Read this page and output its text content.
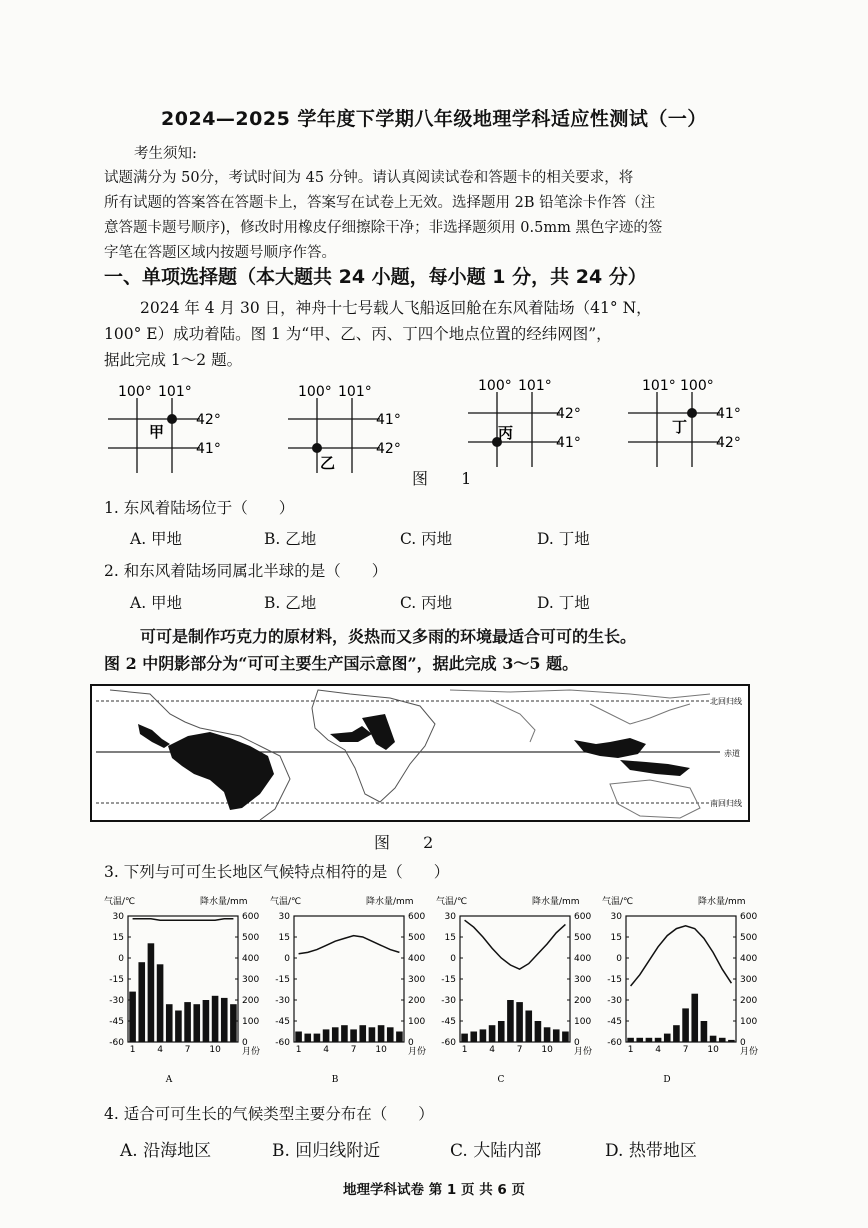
2024—2025 学年度下学期八年级地理学科适应性测试（一）
考生须知:
试题满分为 50分，考试时间为 45 分钟。请认真阅读试卷和答题卡的相关要求，将
所有试题的答案答在答题卡上，答案写在试卷上无效。选择题用 2B 铅笔涂卡作答（注
意答题卡题号顺序)，修改时用橡皮仔细擦除干净；非选择题须用 0.5mm 黑色字迹的签
字笔在答题区域内按题号顺序作答。
一、单项选择题（本大题共 24 小题，每小题 1 分，共 24 分）
2024 年 4 月 30 日，神舟十七号载人飞船返回舱在东风着陆场（41° N，
100° E）成功着陆。图 1 为“甲、乙、丙、丁四个地点位置的经纬网图”，
据此完成 1～2 题。
100° 101°
42°
41°
甲
100° 101°
41°
42°
乙
100° 101°
42°
41°
丙
101° 100°
41°
42°
丁
图 1
1. 东风着陆场位于（　　）
A. 甲地	B. 乙地	C. 丙地	D. 丁地
2. 和东风着陆场同属北半球的是（　　）
A. 甲地	B. 乙地	C. 丙地	D. 丁地
可可是制作巧克力的原材料，炎热而又多雨的环境最适合可可的生长。
图 2 中阴影部分为“可可主要生产国示意图”，据此完成 3～5 题。
北回归线
赤道
南回归线
图 2
3. 下列与可可生长地区气候特点相符的是（　　）
气温/℃	降水量/mm
30
15
0
-15
-30
-45
-60
600
500
400
300
200
100
0
1 4 7 10 月份
A
气温/℃	降水量/mm
30
15
0
-15
-30
-45
-60
600
500
400
300
200
100
0
1 4 7 10 月份
B
气温/℃	降水量/mm
30
15
0
-15
-30
-45
-60
600
500
400
300
200
100
0
1 4 7 10 月份
C
气温/℃	降水量/mm
30
15
0
-15
-30
-45
-60
600
500
400
300
200
100
0
1 4 7 10 月份
D
4. 适合可可生长的气候类型主要分布在（　　）
A. 沿海地区	B. 回归线附近	C. 大陆内部	D. 热带地区
地理学科试卷 第 1 页 共 6 页
